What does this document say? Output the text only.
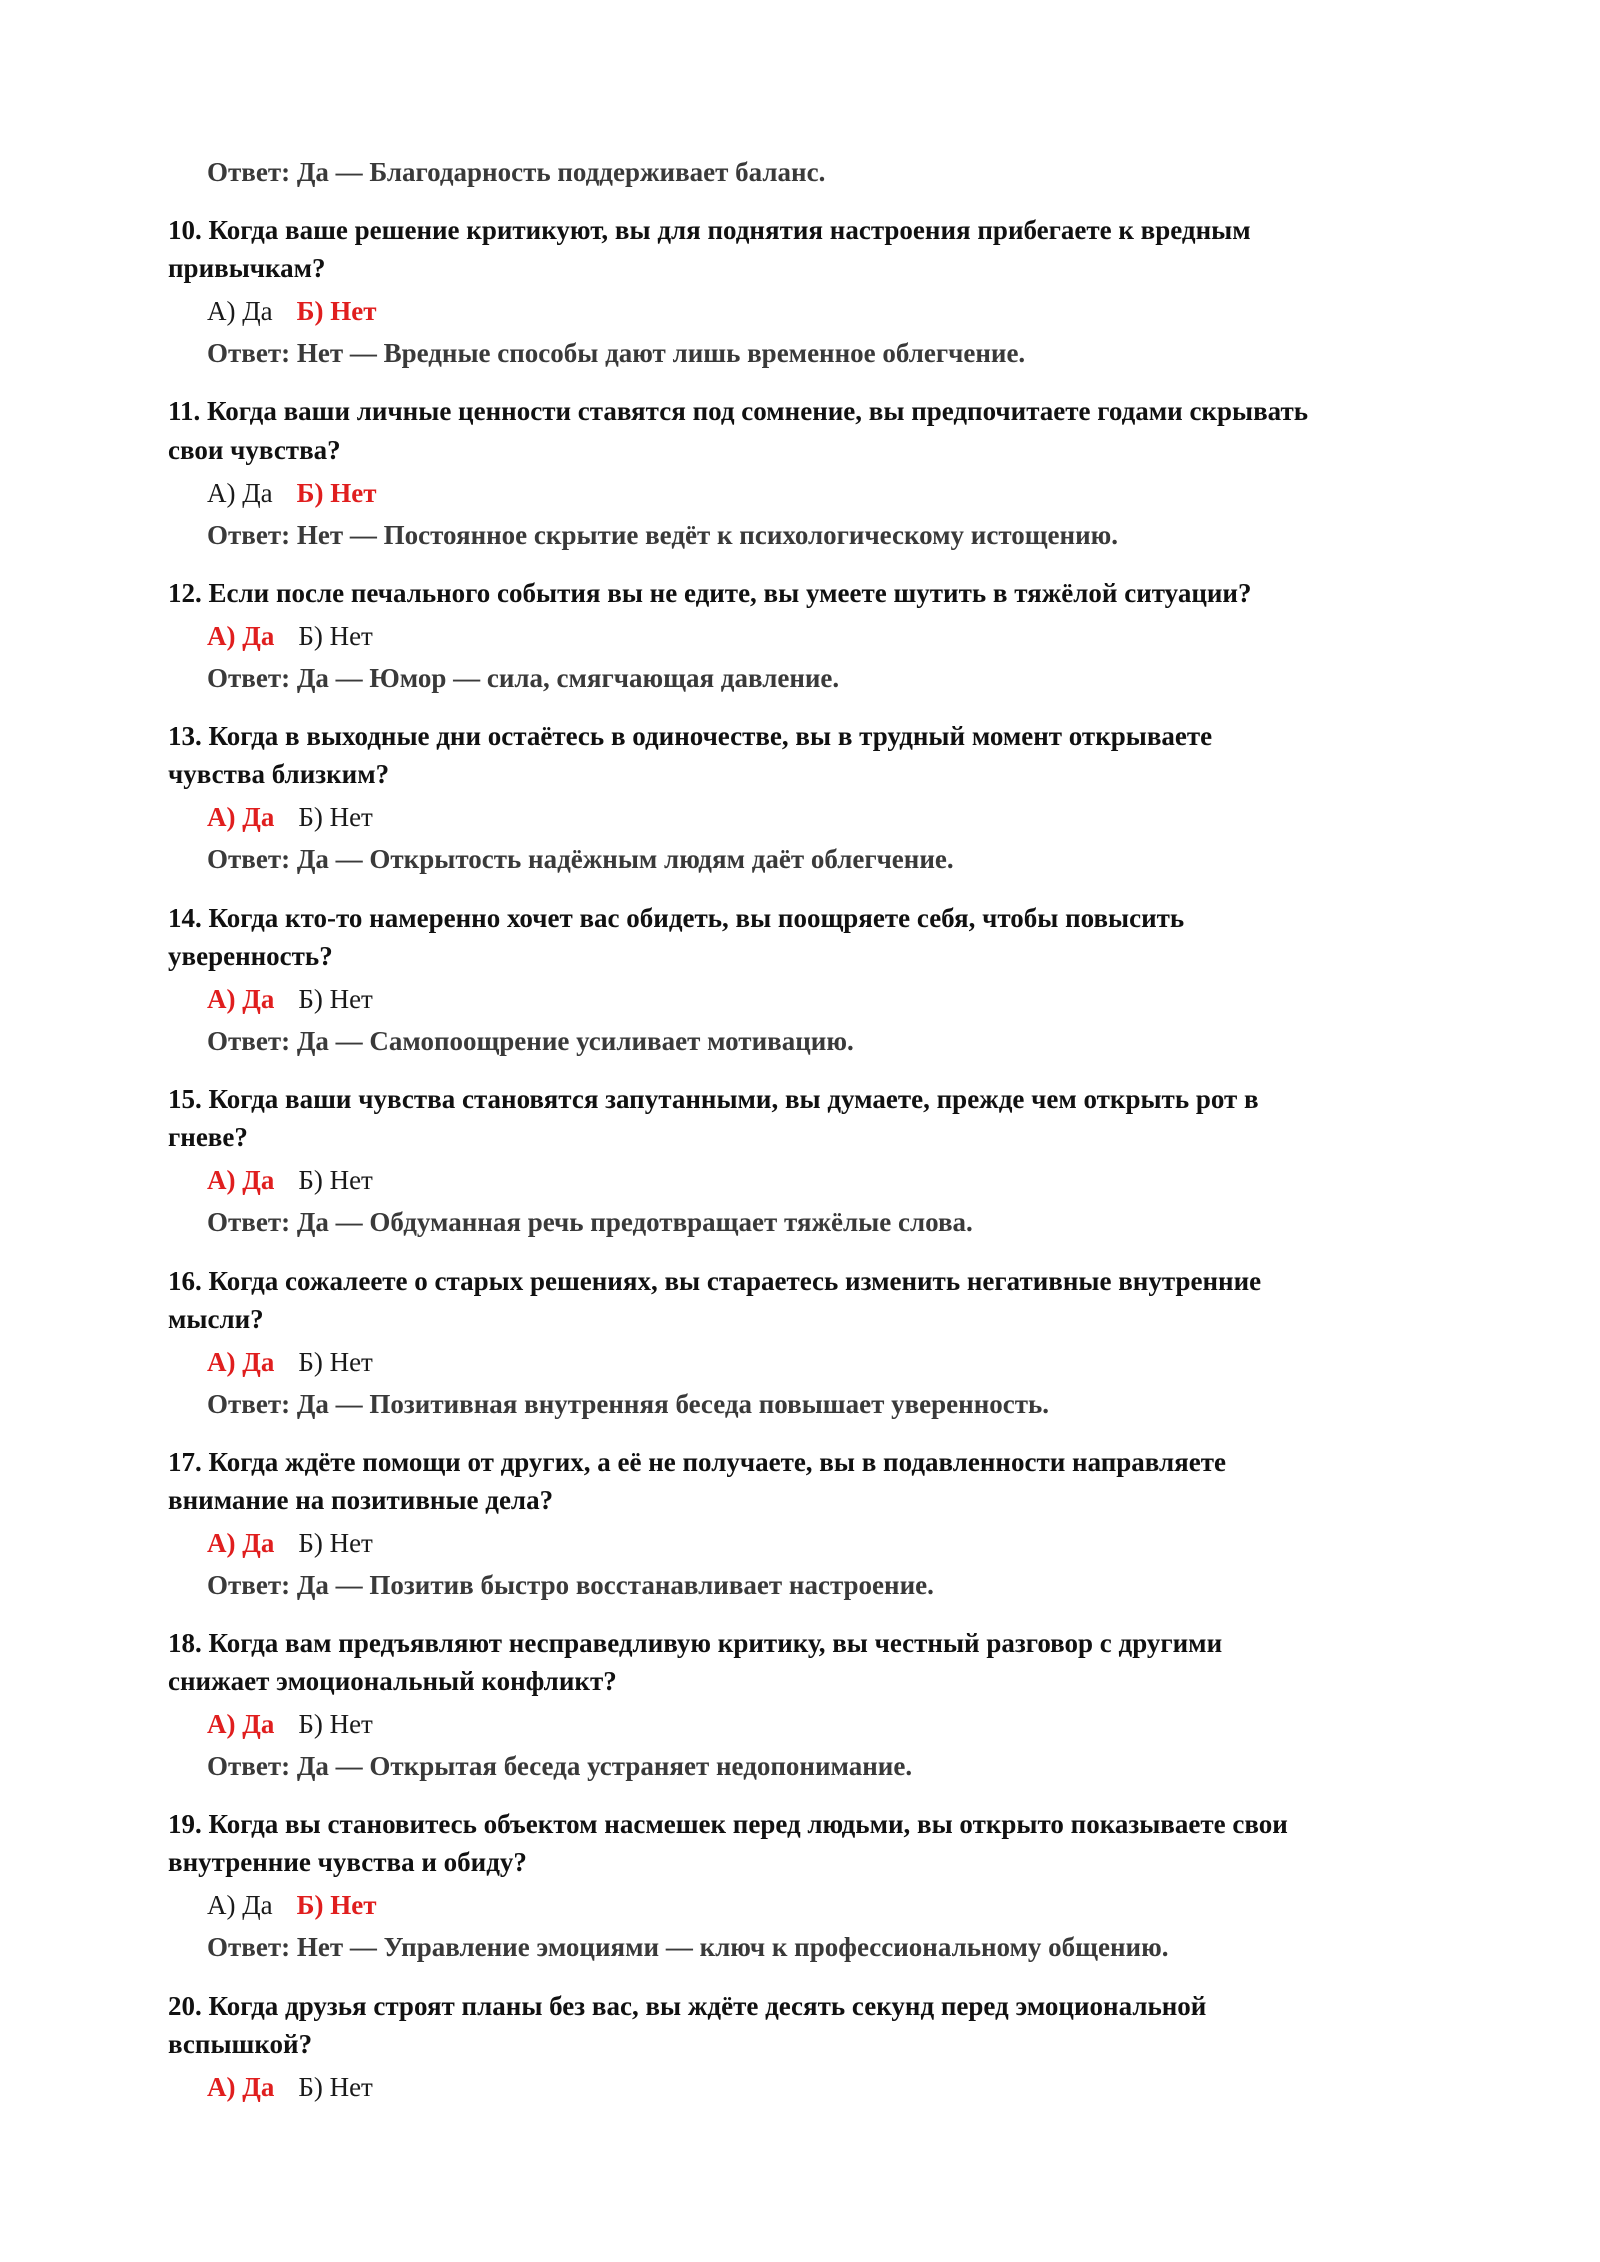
Ответ: Да — Благодарность поддерживает баланс.
10. Когда ваше решение критикуют, вы для поднятия настроения прибегаете к вредным
привычкам?
А) Да Б) Нет
Ответ: Нет — Вредные способы дают лишь временное облегчение.
11. Когда ваши личные ценности ставятся под сомнение, вы предпочитаете годами скрывать
свои чувства?
А) Да Б) Нет
Ответ: Нет — Постоянное скрытие ведёт к психологическому истощению.
12. Если после печального события вы не едите, вы умеете шутить в тяжёлой ситуации?
А) Да Б) Нет
Ответ: Да — Юмор — сила, смягчающая давление.
13. Когда в выходные дни остаётесь в одиночестве, вы в трудный момент открываете
чувства близким?
А) Да Б) Нет
Ответ: Да — Открытость надёжным людям даёт облегчение.
14. Когда кто-то намеренно хочет вас обидеть, вы поощряете себя, чтобы повысить
уверенность?
А) Да Б) Нет
Ответ: Да — Самопоощрение усиливает мотивацию.
15. Когда ваши чувства становятся запутанными, вы думаете, прежде чем открыть рот в
гневе?
А) Да Б) Нет
Ответ: Да — Обдуманная речь предотвращает тяжёлые слова.
16. Когда сожалеете о старых решениях, вы стараетесь изменить негативные внутренние
мысли?
А) Да Б) Нет
Ответ: Да — Позитивная внутренняя беседа повышает уверенность.
17. Когда ждёте помощи от других, а её не получаете, вы в подавленности направляете
внимание на позитивные дела?
А) Да Б) Нет
Ответ: Да — Позитив быстро восстанавливает настроение.
18. Когда вам предъявляют несправедливую критику, вы честный разговор с другими
снижает эмоциональный конфликт?
А) Да Б) Нет
Ответ: Да — Открытая беседа устраняет недопонимание.
19. Когда вы становитесь объектом насмешек перед людьми, вы открыто показываете свои
внутренние чувства и обиду?
А) Да Б) Нет
Ответ: Нет — Управление эмоциями — ключ к профессиональному общению.
20. Когда друзья строят планы без вас, вы ждёте десять секунд перед эмоциональной
вспышкой?
А) Да Б) Нет
